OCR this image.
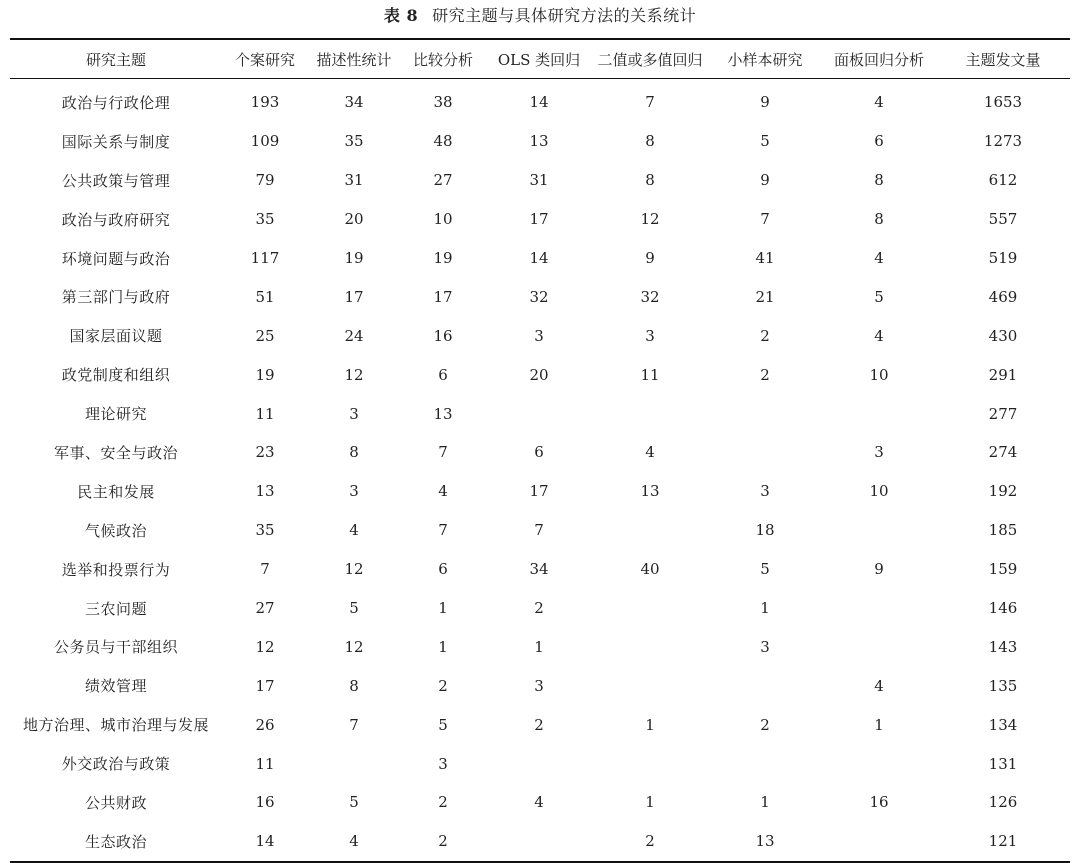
表 8 研究主题与具体研究方法的关系统计
研究主题	个案研究	描述性统计	比较分析	OLS 类回归	二值或多值回归	小样本研究	面板回归分析	主题发文量
政治与行政伦理	193	34	38	14	7	9	4	1653
国际关系与制度	109	35	48	13	8	5	6	1273
公共政策与管理	79	31	27	31	8	9	8	612
政治与政府研究	35	20	10	17	12	7	8	557
环境问题与政治	117	19	19	14	9	41	4	519
第三部门与政府	51	17	17	32	32	21	5	469
国家层面议题	25	24	16	3	3	2	4	430
政党制度和组织	19	12	6	20	11	2	10	291
理论研究	11	3	13					277
军事、安全与政治	23	8	7	6	4		3	274
民主和发展	13	3	4	17	13	3	10	192
气候政治	35	4	7	7		18		185
选举和投票行为	7	12	6	34	40	5	9	159
三农问题	27	5	1	2		1		146
公务员与干部组织	12	12	1	1		3		143
绩效管理	17	8	2	3			4	135
地方治理、城市治理与发展	26	7	5	2	1	2	1	134
外交政治与政策	11		3					131
公共财政	16	5	2	4	1	1	16	126
生态政治	14	4	2		2	13		121
